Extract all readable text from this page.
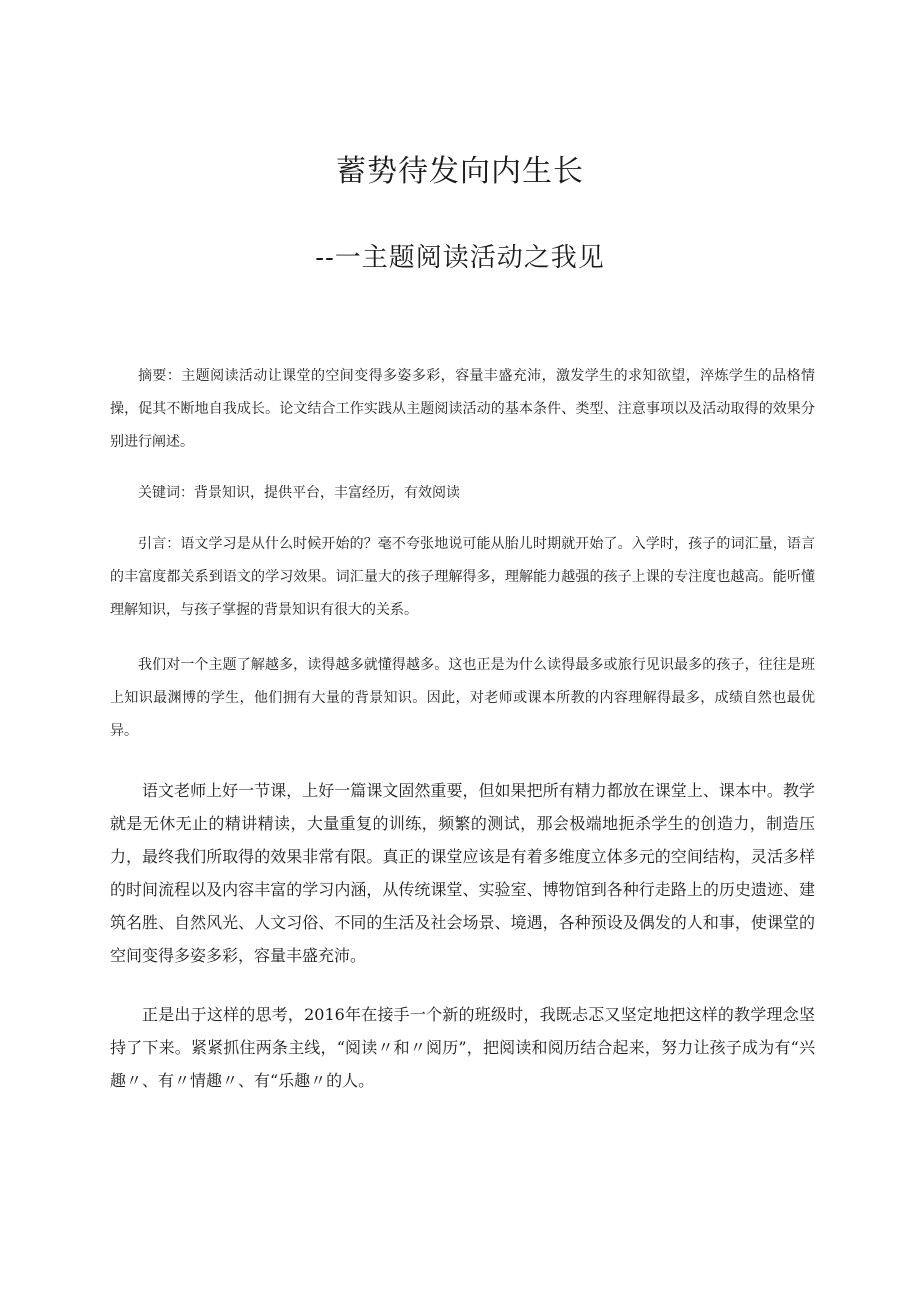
蓄势待发向内生长
--一主题阅读活动之我见

摘要：主题阅读活动让课堂的空间变得多姿多彩，容量丰盛充沛，激发学生的求知欲望，淬炼学生的品格情操，促其不断地自我成长。论文结合工作实践从主题阅读活动的基本条件、类型、注意事项以及活动取得的效果分别进行阐述。

关键词：背景知识，提供平台，丰富经历，有效阅读

引言：语文学习是从什么时候开始的？毫不夸张地说可能从胎儿时期就开始了。入学时，孩子的词汇量，语言的丰富度都关系到语文的学习效果。词汇量大的孩子理解得多，理解能力越强的孩子上课的专注度也越高。能听懂理解知识，与孩子掌握的背景知识有很大的关系。

我们对一个主题了解越多，读得越多就懂得越多。这也正是为什么读得最多或旅行见识最多的孩子，往往是班上知识最渊博的学生，他们拥有大量的背景知识。因此，对老师或课本所教的内容理解得最多，成绩自然也最优异。

语文老师上好一节课，上好一篇课文固然重要，但如果把所有精力都放在课堂上、课本中。教学就是无休无止的精讲精读，大量重复的训练，频繁的测试，那会极端地扼杀学生的创造力，制造压力，最终我们所取得的效果非常有限。真正的课堂应该是有着多维度立体多元的空间结构，灵活多样的时间流程以及内容丰富的学习内涵，从传统课堂、实验室、博物馆到各种行走路上的历史遗迹、建筑名胜、自然风光、人文习俗、不同的生活及社会场景、境遇，各种预设及偶发的人和事，使课堂的空间变得多姿多彩，容量丰盛充沛。

正是出于这样的思考，2016年在接手一个新的班级时，我既忐忑又坚定地把这样的教学理念坚持了下来。紧紧抓住两条主线，“阅读〃和〃阅历”，把阅读和阅历结合起来，努力让孩子成为有“兴趣〃、有〃情趣〃、有“乐趣〃的人。
